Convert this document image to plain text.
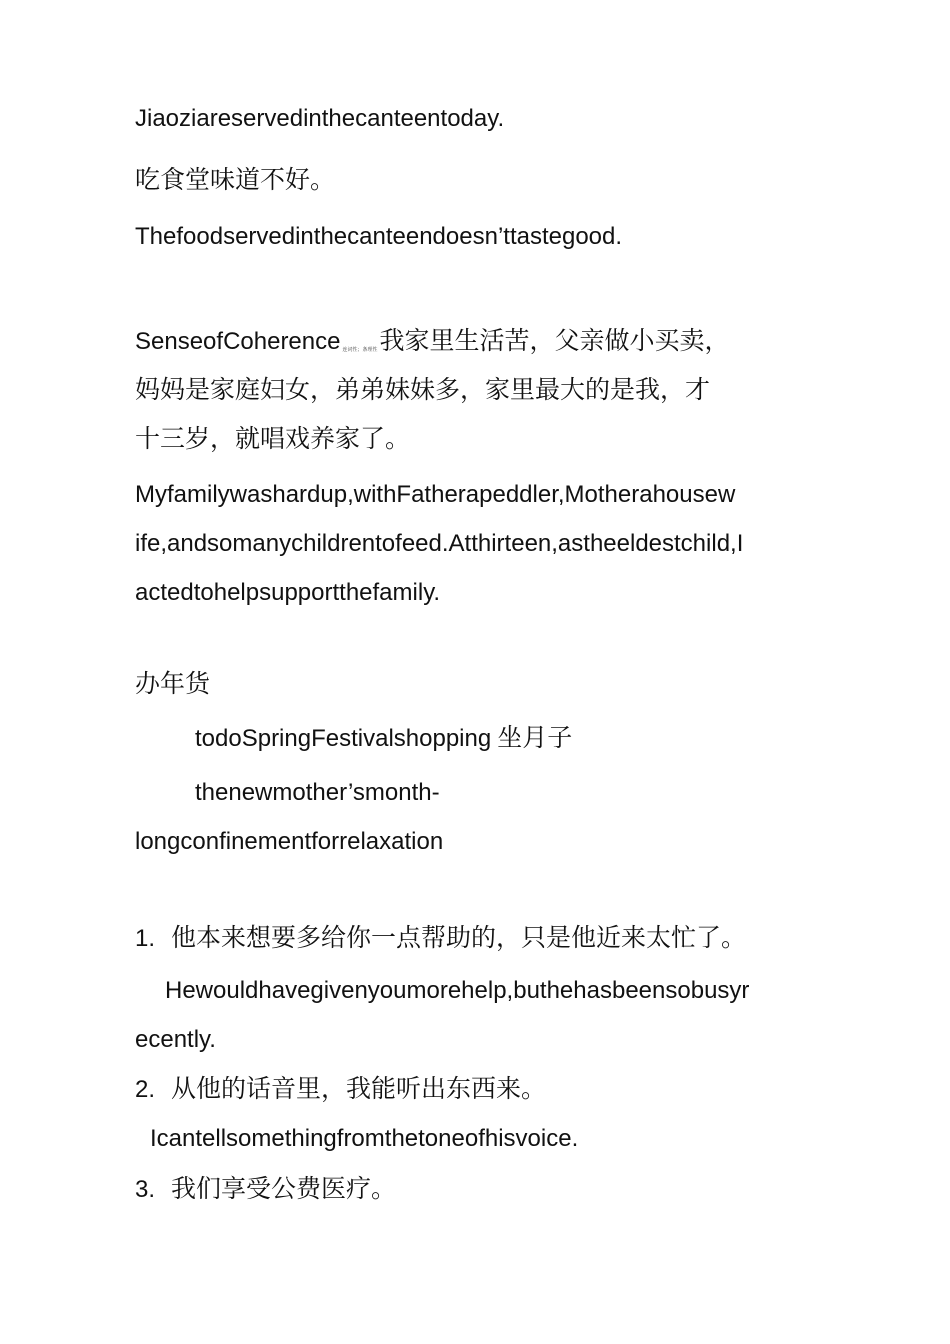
Jiaoziareservedinthecanteentoday.
吃食堂味道不好。
Thefoodservedinthecanteendoesn’ttastegood.
SenseofCoherence 连词性；条理性我家里生活苦，父亲做小买卖，
妈妈是家庭妇女，弟弟妹妹多，家里最大的是我，才
十三岁，就唱戏养家了。
Myfamilywashardup,withFatherapeddler,Motherahousew
ife,andsomanychildrentofeed.Atthirteen,astheeldestchild,I
actedtohelpsupportthefamily.
办年货
todoSpringFestivalshopping 坐月子
thenewmother’smonth-
longconfinementforrelaxation
1. 他本来想要多给你一点帮助的，只是他近来太忙了。
Hewouldhavegivenyoumorehelp,buthehasbeensobusyr
ecently.
2. 从他的话音里，我能听出东西来。
Icantellsomethingfromthetoneofhisvoice.
3. 我们享受公费医疗。
